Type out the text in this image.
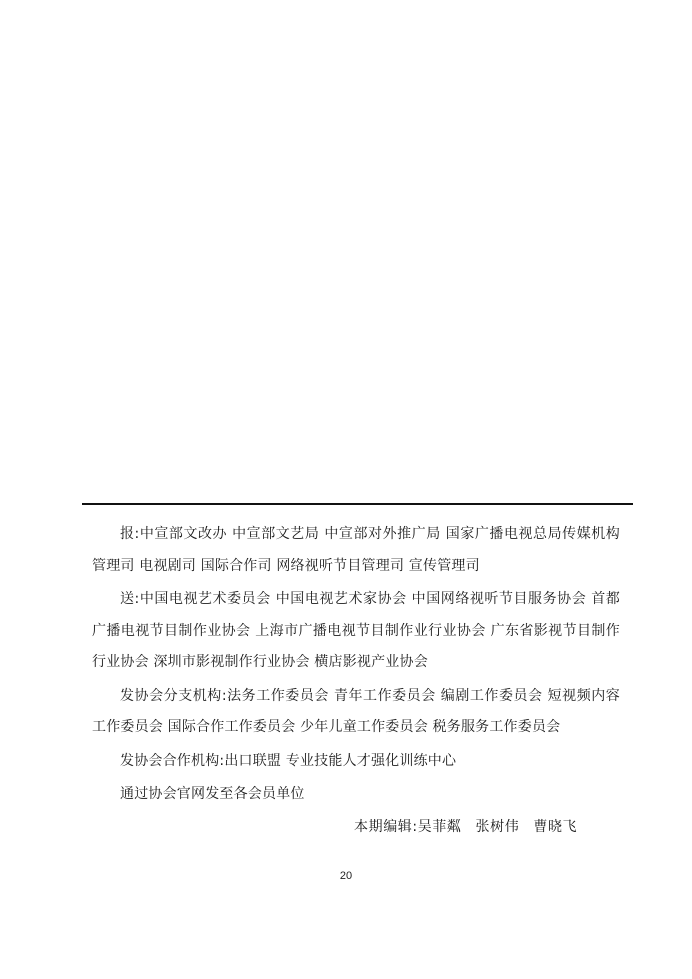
报:中宣部文改办 中宣部文艺局 中宣部对外推广局 国家广播电视总局传媒机构管理司 电视剧司 国际合作司 网络视听节目管理司 宣传管理司

送:中国电视艺术委员会 中国电视艺术家协会 中国网络视听节目服务协会 首都广播电视节目制作业协会 上海市广播电视节目制作业行业协会 广东省影视节目制作行业协会 深圳市影视制作行业协会 横店影视产业协会

发协会分支机构:法务工作委员会 青年工作委员会 编剧工作委员会 短视频内容工作委员会 国际合作工作委员会 少年儿童工作委员会 税务服务工作委员会

发协会合作机构:出口联盟 专业技能人才强化训练中心

通过协会官网发至各会员单位

本期编辑:吴菲粼 张树伟 曹晓飞
20
